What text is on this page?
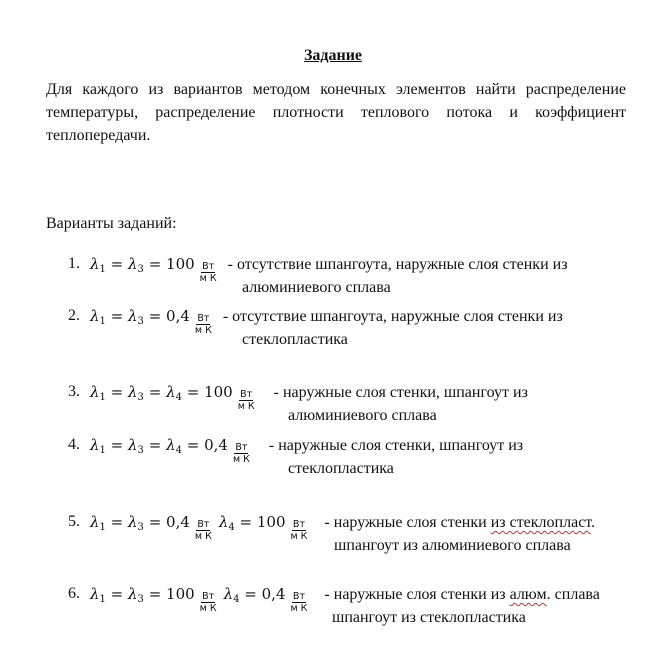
Задание
Для каждого из вариантов методом конечных элементов найти распределение температуры, распределение плотности теплового потока и коэффициент теплопередачи.
Варианты заданий:
1. $\lambda_1 = \lambda_3 = 100 \frac{Вт}{\text{м К}}$ - отсутствие шпангоута, наружные слоя стенки из
алюминиевого сплава
2. $\lambda_1 = \lambda_3 = 0,4 \frac{Вт}{\text{м К}}$ - отсутствие шпангоута, наружные слоя стенки из
стеклопластика
3. $\lambda_1 = \lambda_3 = \lambda_4 = 100 \frac{Вт}{\text{м К}}$ - наружные слоя стенки, шпангоут из
алюминиевого сплава
4. $\lambda_1 = \lambda_3 = \lambda_4 = 0,4 \frac{Вт}{\text{м К}}$ - наружные слоя стенки, шпангоут из
стеклопластика
5. $\lambda_1 = \lambda_3 = 0,4 \frac{Вт}{\text{м К}} \lambda_4 = 100 \frac{Вт}{\text{м К}}$ - наружные слоя стенки из стеклопласт.
шпангоут из алюминиевого сплава
6. $\lambda_1 = \lambda_3 = 100 \frac{Вт}{\text{м К}} \lambda_4 = 0,4 \frac{Вт}{\text{м К}}$ - наружные слоя стенки из алюм. сплава
шпангоут из стеклопластика
